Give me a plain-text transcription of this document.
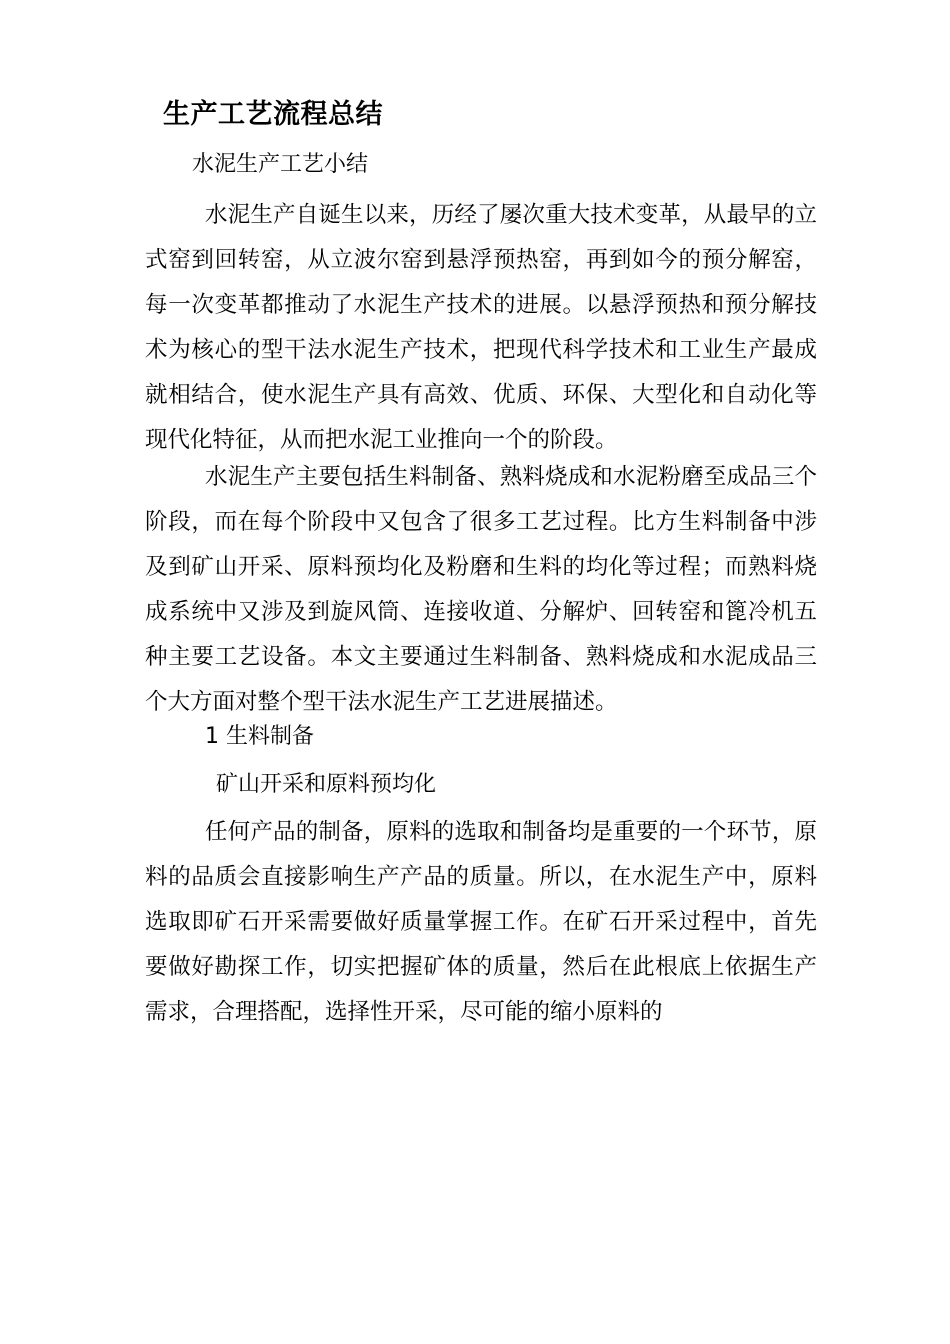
生产工艺流程总结
水泥生产工艺小结

水泥生产自诞生以来，历经了屡次重大技术变革，从最早的立式窑到回转窑，从立波尔窑到悬浮预热窑，再到如今的预分解窑，每一次变革都推动了水泥生产技术的进展。以悬浮预热和预分解技术为核心的型干法水泥生产技术，把现代科学技术和工业生产最成就相结合，使水泥生产具有高效、优质、环保、大型化和自动化等现代化特征，从而把水泥工业推向一个的阶段。

水泥生产主要包括生料制备、熟料烧成和水泥粉磨至成品三个阶段，而在每个阶段中又包含了很多工艺过程。比方生料制备中涉及到矿山开采、原料预均化及粉磨和生料的均化等过程；而熟料烧成系统中又涉及到旋风筒、连接收道、分解炉、回转窑和篦冷机五种主要工艺设备。本文主要通过生料制备、熟料烧成和水泥成品三个大方面对整个型干法水泥生产工艺进展描述。

1 生料制备
矿山开采和原料预均化

任何产品的制备，原料的选取和制备均是重要的一个环节，原料的品质会直接影响生产产品的质量。所以，在水泥生产中，原料选取即矿石开采需要做好质量掌握工作。在矿石开采过程中，首先要做好勘探工作，切实把握矿体的质量，然后在此根底上依据生产需求，合理搭配，选择性开采，尽可能的缩小原料的
